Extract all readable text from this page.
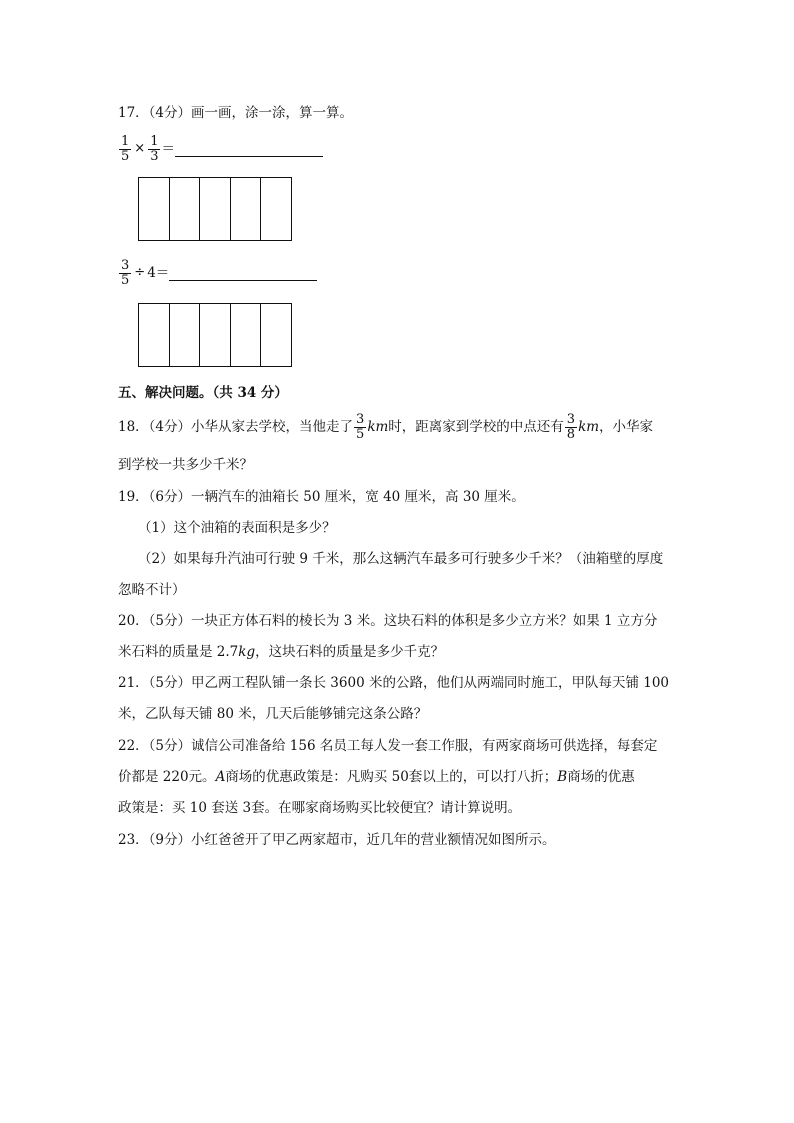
17．（4分）画一画，涂一涂，算一算。
$\frac{1}{5} \times \frac{1}{3}$ ＝
$\frac{3}{5} \div 4$ ＝
五、解决问题。（共 34 分）
18．（4分）小华从家去学校，当他走了 $\frac{3}{5}$ km 时，距离家到学校的中点还有 $\frac{3}{8}$ km ，小华家
到学校一共多少千米？
19．（6分）一辆汽车的油箱长 50 厘米，宽 40 厘米，高 30 厘米。
（1）这个油箱的表面积是多少？
（2）如果每升汽油可行驶 9 千米，那么这辆汽车最多可行驶多少千米？（油箱壁的厚度
忽略不计）
20．（5分）一块正方体石料的棱长为 3 米。这块石料的体积是多少立方米？如果 1 立方分
米石料的质量是 2.7kg，这块石料的质量是多少千克？
21．（5分）甲乙两工程队铺一条长 3600 米的公路，他们从两端同时施工，甲队每天铺 100
米，乙队每天铺 80 米，几天后能够铺完这条公路？
22．（5分）诚信公司准备给 156 名员工每人发一套工作服，有两家商场可供选择，每套定
价都是 220元。A商场的优惠政策是：凡购买 50套以上的，可以打八折；B商场的优惠
政策是：买 10 套送 3套。在哪家商场购买比较便宜？请计算说明。
23．（9分）小红爸爸开了甲乙两家超市，近几年的营业额情况如图所示。
